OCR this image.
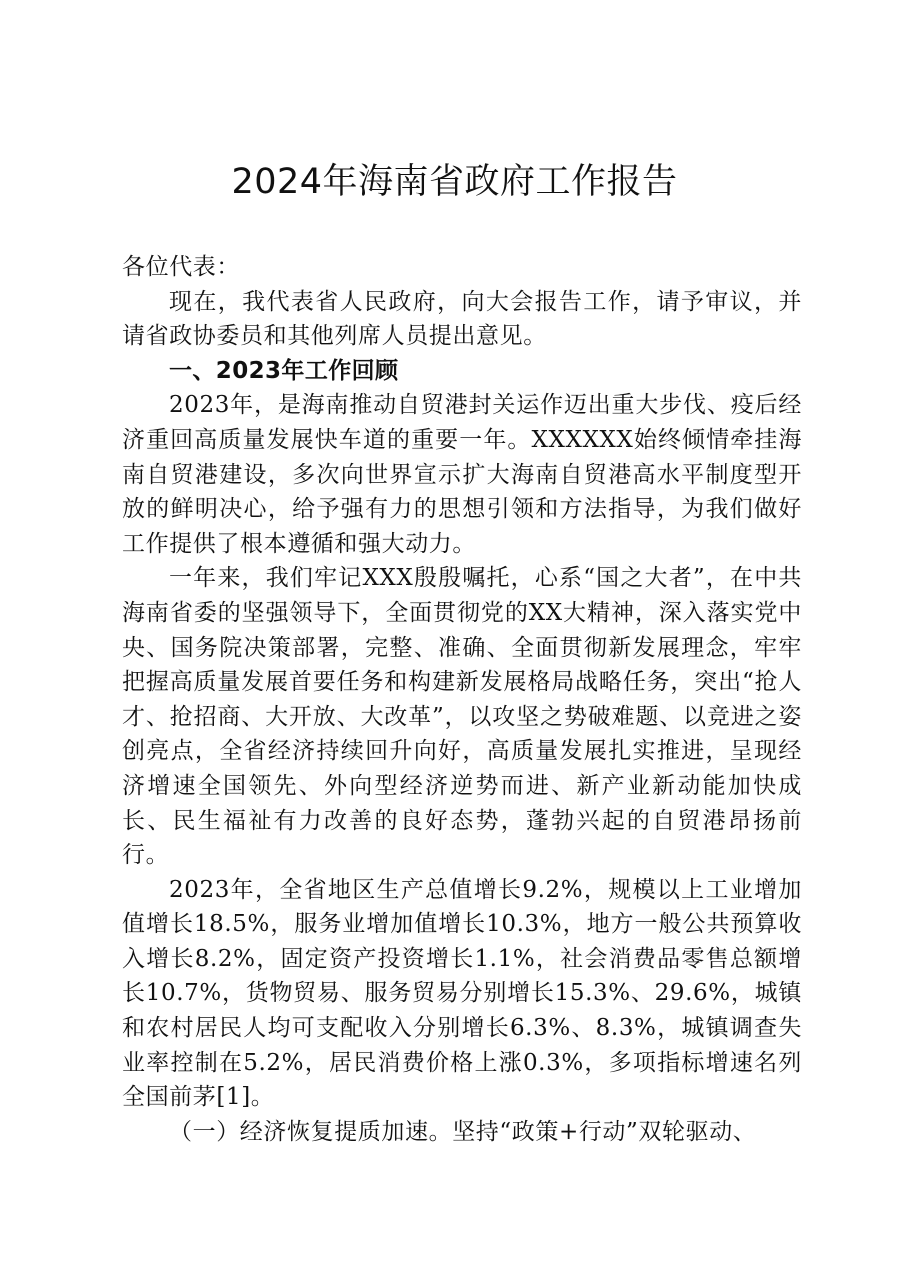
2024年海南省政府工作报告

各位代表：

现在，我代表省人民政府，向大会报告工作，请予审议，并请省政协委员和其他列席人员提出意见。

一、2023年工作回顾

2023年，是海南推动自贸港封关运作迈出重大步伐、疫后经济重回高质量发展快车道的重要一年。XXXXXX始终倾情牵挂海南自贸港建设，多次向世界宣示扩大海南自贸港高水平制度型开放的鲜明决心，给予强有力的思想引领和方法指导，为我们做好工作提供了根本遵循和强大动力。

一年来，我们牢记XXX殷殷嘱托，心系“国之大者”，在中共海南省委的坚强领导下，全面贯彻党的XX大精神，深入落实党中央、国务院决策部署，完整、准确、全面贯彻新发展理念，牢牢把握高质量发展首要任务和构建新发展格局战略任务，突出“抢人才、抢招商、大开放、大改革”，以攻坚之势破难题、以竞进之姿创亮点，全省经济持续回升向好，高质量发展扎实推进，呈现经济增速全国领先、外向型经济逆势而进、新产业新动能加快成长、民生福祉有力改善的良好态势，蓬勃兴起的自贸港昂扬前行。

2023年，全省地区生产总值增长9.2%，规模以上工业增加值增长18.5%，服务业增加值增长10.3%，地方一般公共预算收入增长8.2%，固定资产投资增长1.1%，社会消费品零售总额增长10.7%，货物贸易、服务贸易分别增长15.3%、29.6%，城镇和农村居民人均可支配收入分别增长6.3%、8.3%，城镇调查失业率控制在5.2%，居民消费价格上涨0.3%，多项指标增速名列全国前茅[1]。

（一）经济恢复提质加速。坚持“政策+行动”双轮驱动、
